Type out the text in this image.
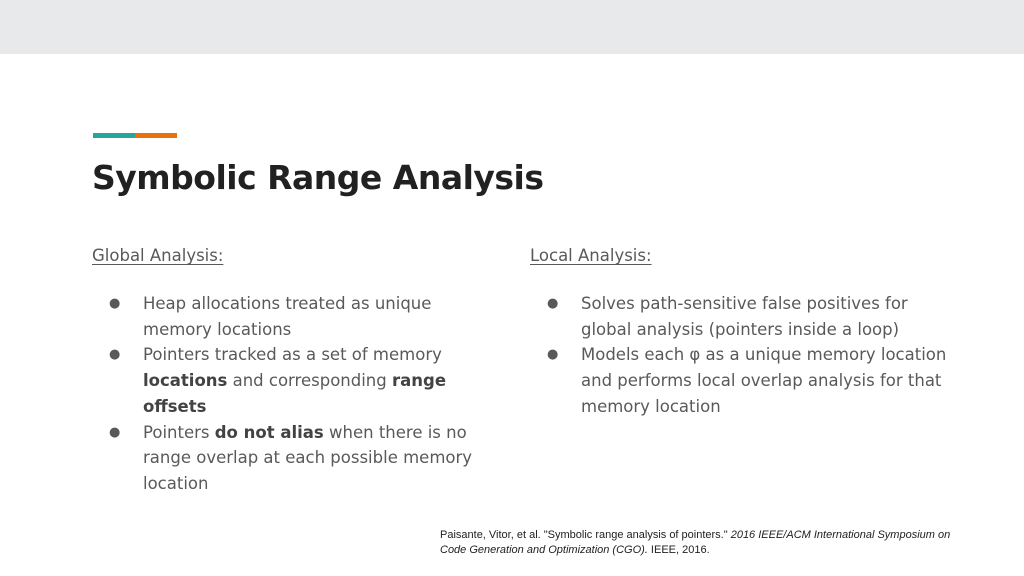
Symbolic Range Analysis
Global Analysis:
● Heap allocations treated as unique memory locations
● Pointers tracked as a set of memory locations and corresponding range offsets
● Pointers do not alias when there is no range overlap at each possible memory location
Local Analysis:
● Solves path-sensitive false positives for global analysis (pointers inside a loop)
● Models each φ as a unique memory location and performs local overlap analysis for that memory location
Paisante, Vitor, et al. "Symbolic range analysis of pointers." 2016 IEEE/ACM International Symposium on Code Generation and Optimization (CGO). IEEE, 2016.
